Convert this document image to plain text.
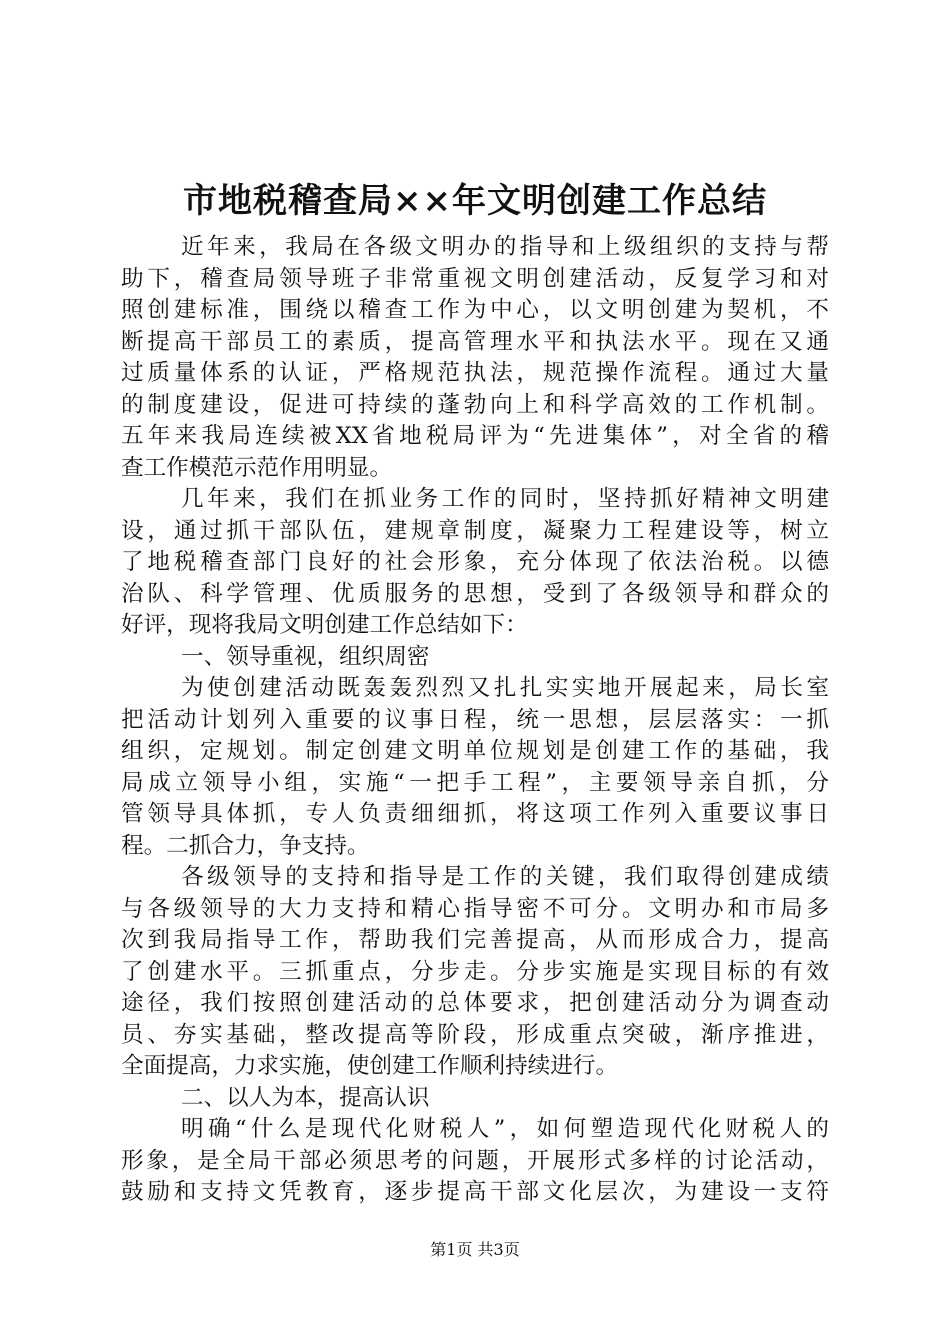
市地税稽查局××年文明创建工作总结
近年来，我局在各级文明办的指导和上级组织的支持与帮
助下，稽查局领导班子非常重视文明创建活动，反复学习和对
照创建标准，围绕以稽查工作为中心，以文明创建为契机，不
断提高干部员工的素质，提高管理水平和执法水平。现在又通
过质量体系的认证，严格规范执法，规范操作流程。通过大量
的制度建设，促进可持续的蓬勃向上和科学高效的工作机制。
五年来我局连续被XX省地税局评为“先进集体”，对全省的稽
查工作模范示范作用明显。
几年来，我们在抓业务工作的同时，坚持抓好精神文明建
设，通过抓干部队伍，建规章制度，凝聚力工程建设等，树立
了地税稽查部门良好的社会形象，充分体现了依法治税。以德
治队、科学管理、优质服务的思想，受到了各级领导和群众的
好评，现将我局文明创建工作总结如下：
一、领导重视，组织周密
为使创建活动既轰轰烈烈又扎扎实实地开展起来，局长室
把活动计划列入重要的议事日程，统一思想，层层落实：一抓
组织，定规划。制定创建文明单位规划是创建工作的基础，我
局成立领导小组，实施“一把手工程”，主要领导亲自抓，分
管领导具体抓，专人负责细细抓，将这项工作列入重要议事日
程。二抓合力，争支持。
各级领导的支持和指导是工作的关键，我们取得创建成绩
与各级领导的大力支持和精心指导密不可分。文明办和市局多
次到我局指导工作，帮助我们完善提高，从而形成合力，提高
了创建水平。三抓重点，分步走。分步实施是实现目标的有效
途径，我们按照创建活动的总体要求，把创建活动分为调查动
员、夯实基础，整改提高等阶段，形成重点突破，渐序推进，
全面提高，力求实施，使创建工作顺利持续进行。
二、以人为本，提高认识
明确“什么是现代化财税人”，如何塑造现代化财税人的
形象，是全局干部必须思考的问题，开展形式多样的讨论活动，
鼓励和支持文凭教育，逐步提高干部文化层次，为建设一支符
第1页 共3页
